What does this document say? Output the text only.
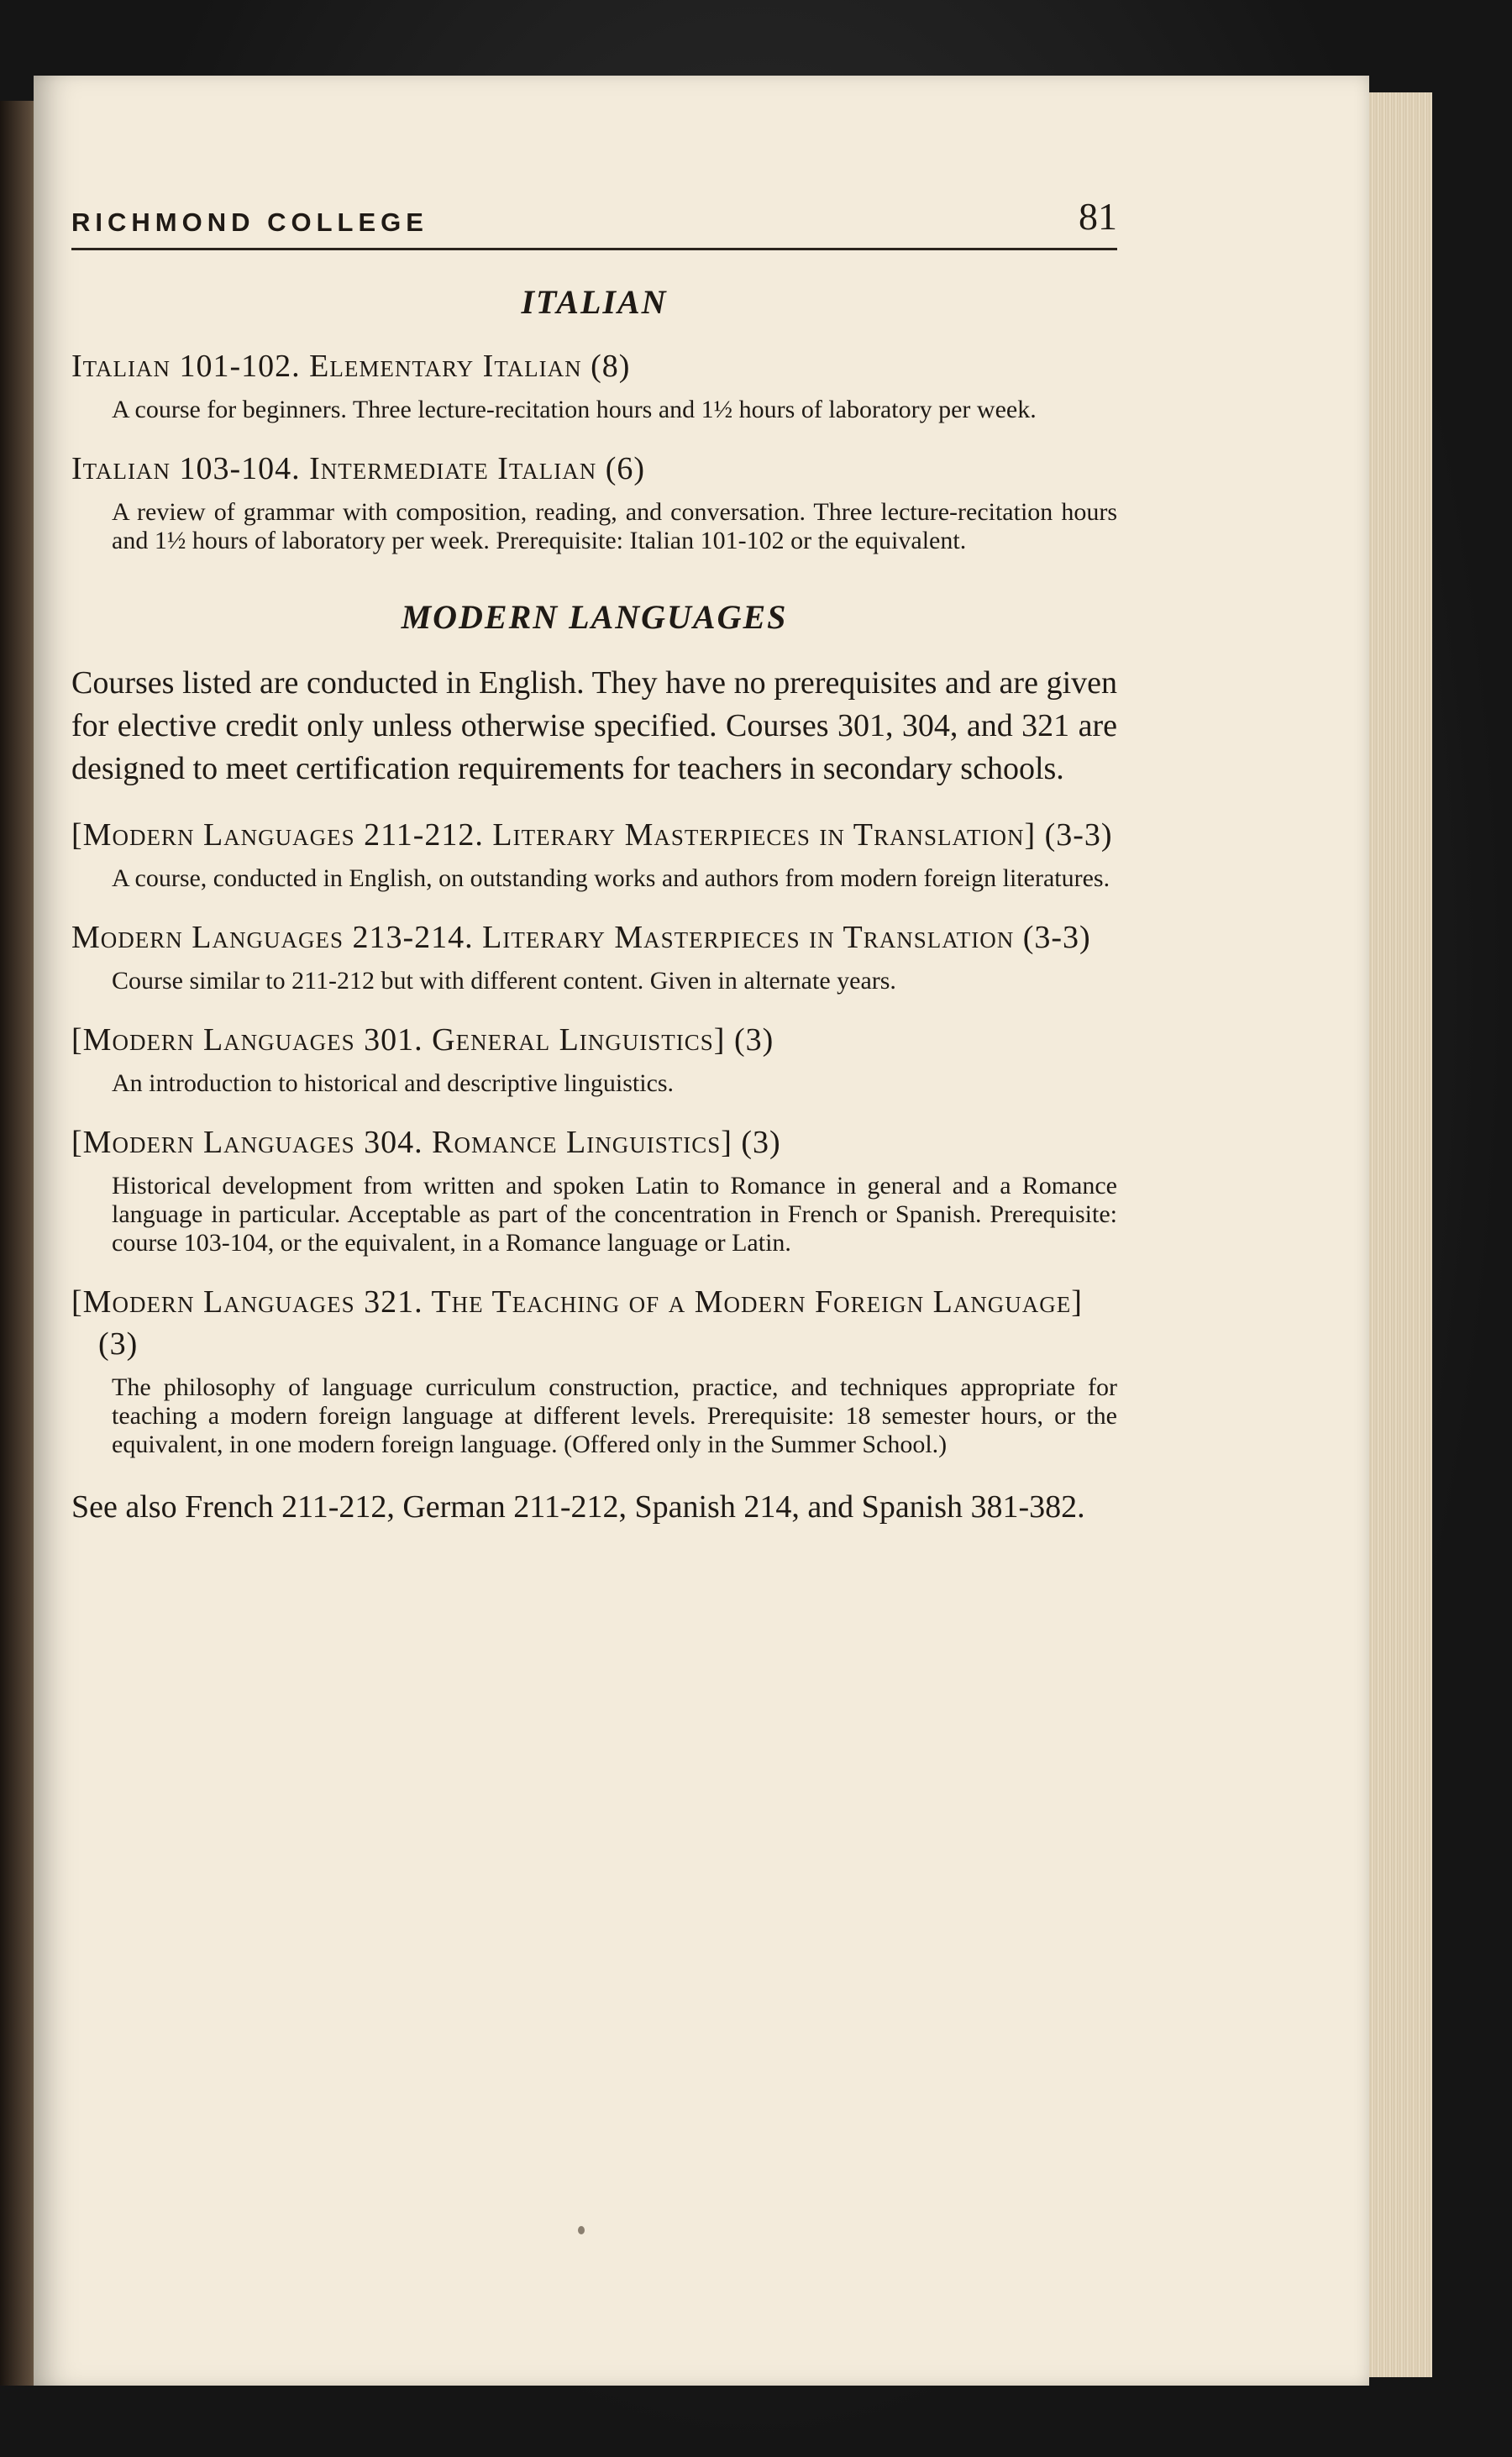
RICHMOND COLLEGE	81
ITALIAN

Italian 101-102. Elementary Italian (8)

A course for beginners. Three lecture-recitation hours and 1½ hours of laboratory per week.

Italian 103-104. Intermediate Italian (6)

A review of grammar with composition, reading, and conversation. Three lecture-recitation hours and 1½ hours of laboratory per week. Prerequisite: Italian 101-102 or the equivalent.

MODERN LANGUAGES

Courses listed are conducted in English. They have no prerequisites and are given for elective credit only unless otherwise specified. Courses 301, 304, and 321 are designed to meet certification requirements for teachers in secondary schools.

[Modern Languages 211-212. Literary Masterpieces in Translation] (3-3)

A course, conducted in English, on outstanding works and authors from modern foreign literatures.

Modern Languages 213-214. Literary Masterpieces in Translation (3-3)

Course similar to 211-212 but with different content. Given in alternate years.

[Modern Languages 301. General Linguistics] (3)

An introduction to historical and descriptive linguistics.

[Modern Languages 304. Romance Linguistics] (3)

Historical development from written and spoken Latin to Romance in general and a Romance language in particular. Acceptable as part of the concentration in French or Spanish. Prerequisite: course 103-104, or the equivalent, in a Romance language or Latin.

[Modern Languages 321. The Teaching of a Modern Foreign Language] (3)

The philosophy of language curriculum construction, practice, and techniques appropriate for teaching a modern foreign language at different levels. Prerequisite: 18 semester hours, or the equivalent, in one modern foreign language. (Offered only in the Summer School.)

See also French 211-212, German 211-212, Spanish 214, and Spanish 381-382.
